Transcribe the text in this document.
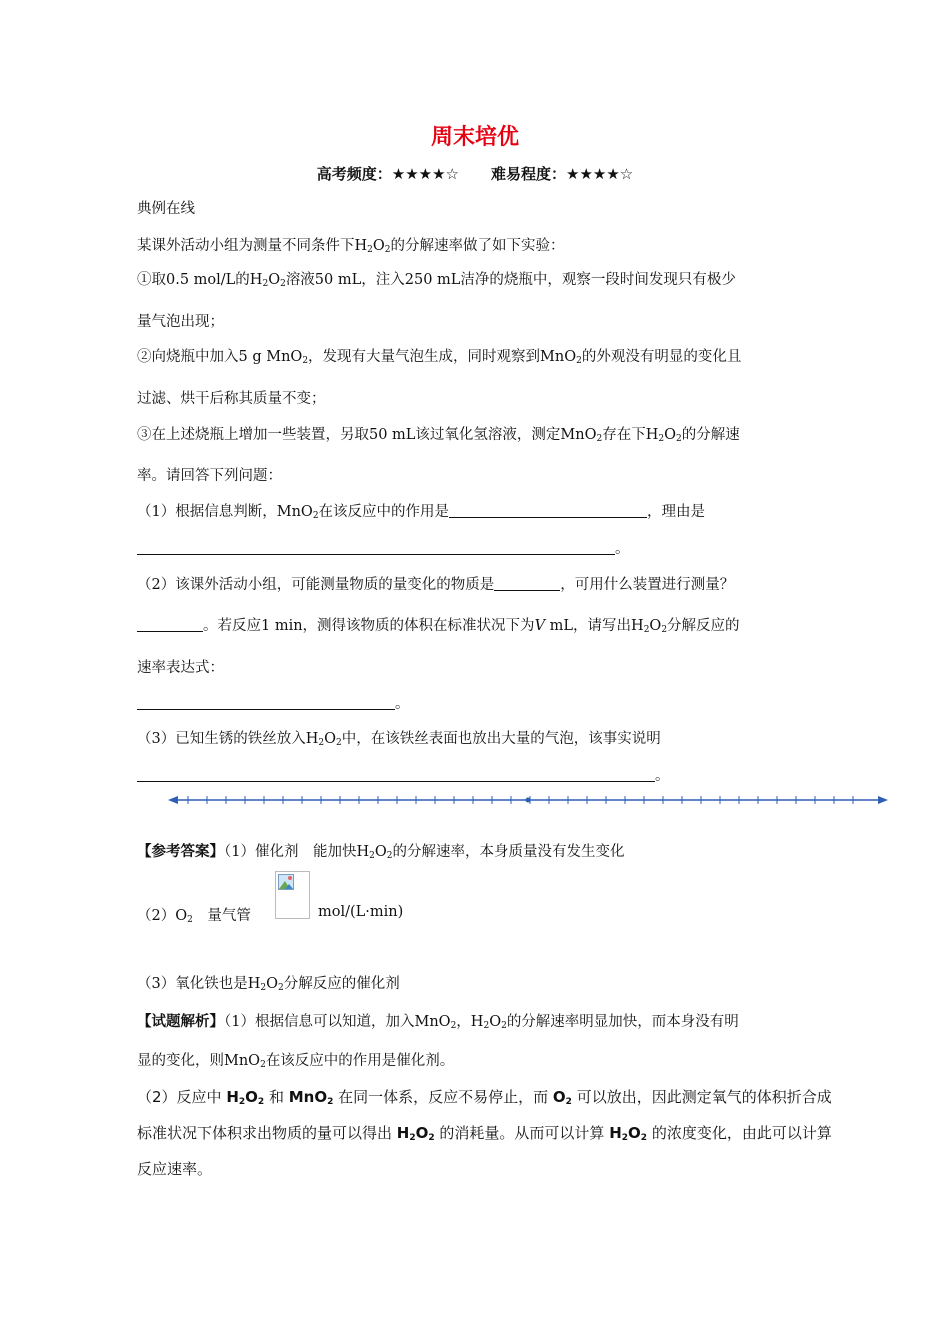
周末培优
高考频度：★★★★☆ 难易程度：★★★★☆
典例在线
某课外活动小组为测量不同条件下$H_2O_2$的分解速率做了如下实验：
①取0.5 mol/L的$H_2O_2$溶液50 mL，注入250 mL洁净的烧瓶中，观察一段时间发现只有极少
量气泡出现；
②向烧瓶中加入5 g MnO$_2$，发现有大量气泡生成，同时观察到MnO$_2$的外观没有明显的变化且
过滤、烘干后称其质量不变；
③在上述烧瓶上增加一些装置，另取50 mL该过氧化氢溶液，测定MnO$_2$存在下$H_2O_2$的分解速
率。请回答下列问题：
（1）根据信息判断，MnO$_2$在该反应中的作用是	，理由是
。
（2）该课外活动小组，可能测量物质的量变化的物质是	，可用什么装置进行测量？
。若反应1 min，测得该物质的体积在标准状况下为V mL，请写出$H_2O_2$分解反应的
速率表达式：
。
（3）已知生锈的铁丝放入$H_2O_2$中，在该铁丝表面也放出大量的气泡，该事实说明
。
【参考答案】（1）催化剂　能加快$H_2O_2$的分解速率，本身质量没有发生变化
$(2)O_2$　量气管	mol/(L·min)
（3）氧化铁也是$H_2O_2$分解反应的催化剂
【试题解析】（1）根据信息可以知道，加入MnO$_2$，$H_2O_2$的分解速率明显加快，而本身没有明
显的变化，则MnO$_2$在该反应中的作用是催化剂。
（2）反应中 $H_2O_2$ 和 MnO$_2$ 在同一体系，反应不易停止，而 $O_2$ 可以放出，因此测定氧气的体积折合成
标准状况下体积求出物质的量可以得出 $H_2O_2$ 的消耗量。从而可以计算 $H_2O_2$ 的浓度变化，由此可以计算
反应速率。
